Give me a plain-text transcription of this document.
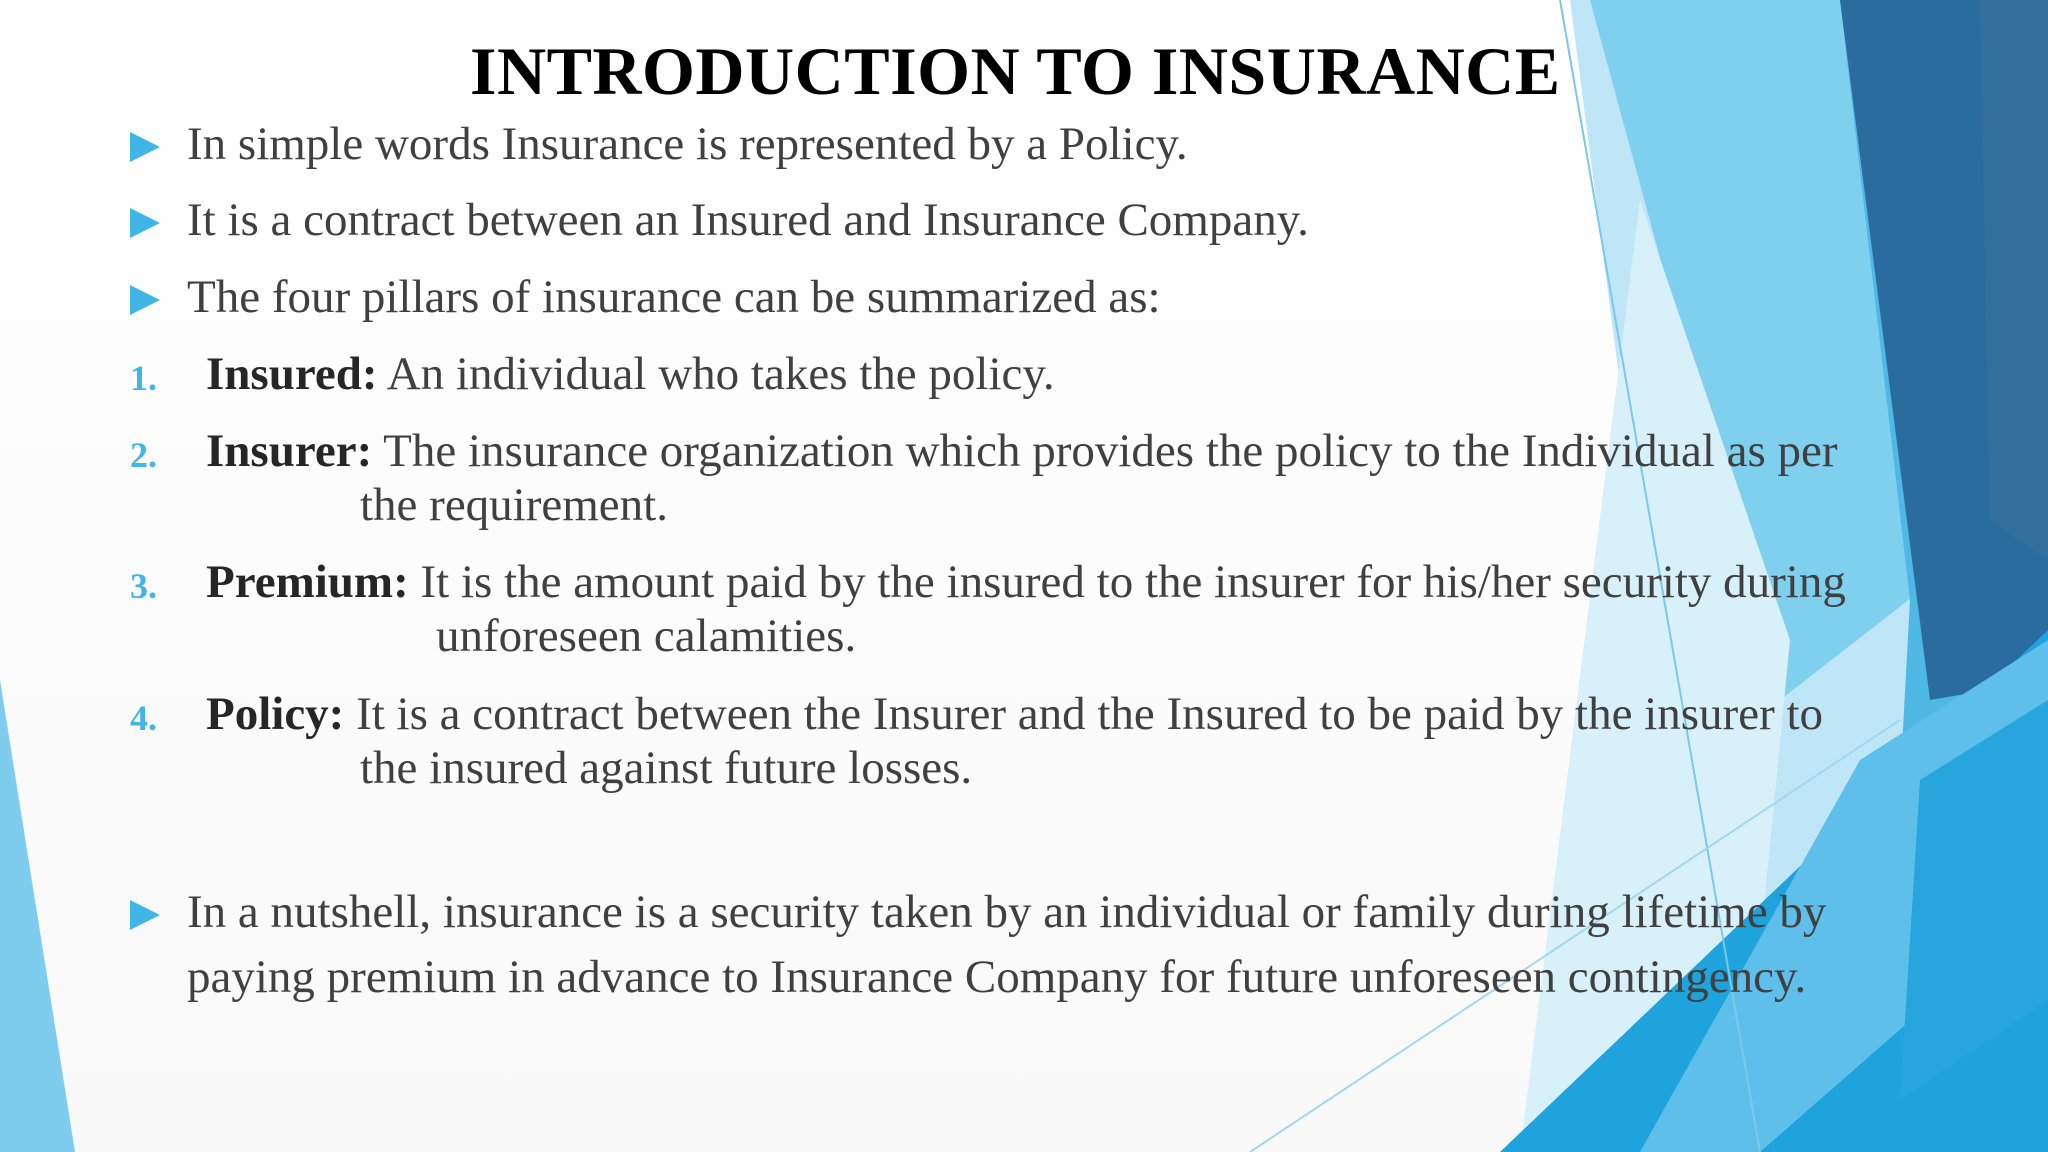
INTRODUCTION TO INSURANCE
In simple words Insurance is represented by a Policy.
It is a contract between an Insured and Insurance Company.
The four pillars of insurance can be summarized as:
1. Insured: An individual who takes the policy.
2. Insurer: The insurance organization which provides the policy to the Individual as per
the requirement.
3. Premium: It is the amount paid by the insured to the insurer for his/her security during
unforeseen calamities.
4. Policy: It is a contract between the Insurer and the Insured to be paid by the insurer to
the insured against future losses.
In a nutshell, insurance is a security taken by an individual or family during lifetime by
paying premium in advance to Insurance Company for future unforeseen contingency.
